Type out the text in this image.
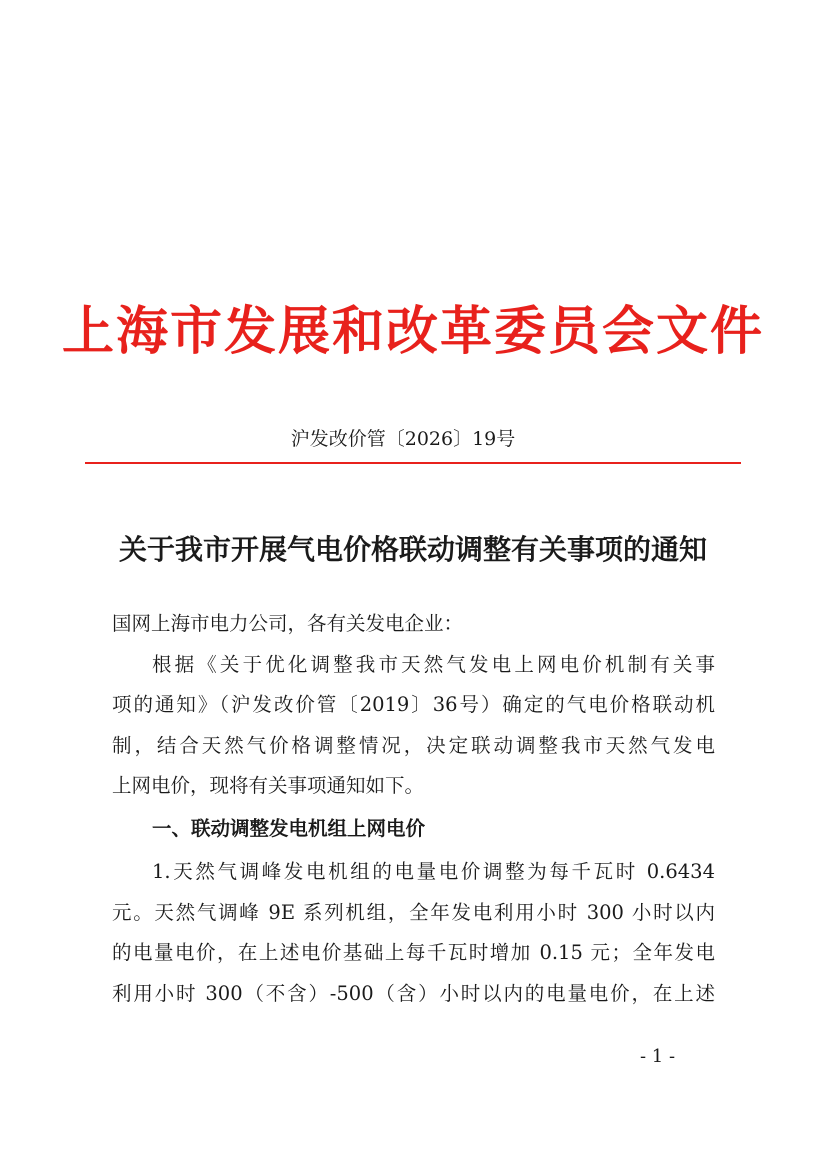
上海市发展和改革委员会文件
沪发改价管〔2026〕19号
关于我市开展气电价格联动调整有关事项的通知
国网上海市电力公司，各有关发电企业：
根据《关于优化调整我市天然气发电上网电价机制有关事
项的通知》（沪发改价管〔2019〕36号）确定的气电价格联动机
制，结合天然气价格调整情况，决定联动调整我市天然气发电
上网电价，现将有关事项通知如下。
一、联动调整发电机组上网电价
1.天然气调峰发电机组的电量电价调整为每千瓦时 0.6434
元。天然气调峰 9E 系列机组，全年发电利用小时 300 小时以内
的电量电价，在上述电价基础上每千瓦时增加 0.15 元；全年发电
利用小时 300（不含）-500（含）小时以内的电量电价，在上述
- 1 -
